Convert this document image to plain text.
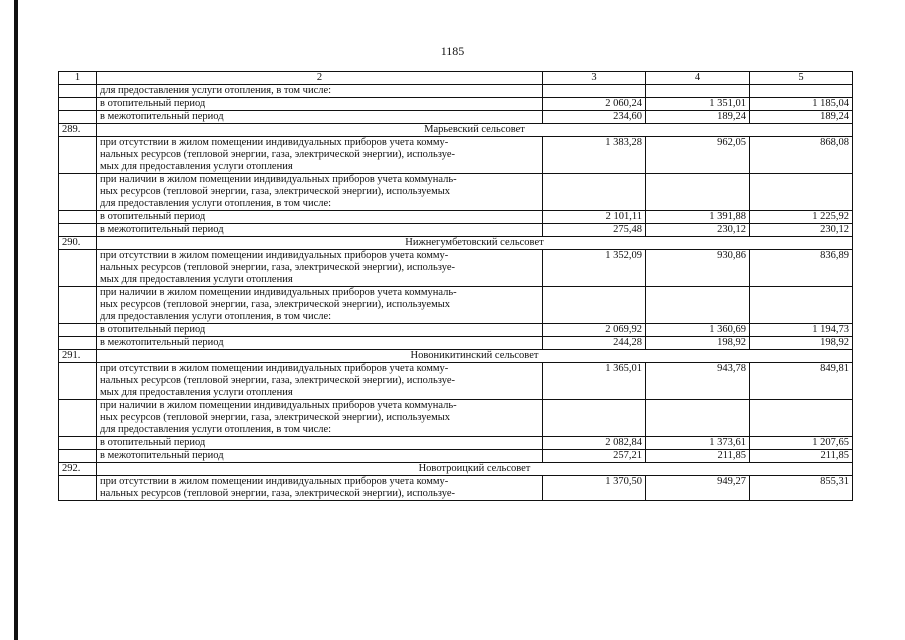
1185
1	2	3	4	5
	для предоставления услуги отопления, в том числе:			
	в отопительный период	2 060,24	1 351,01	1 185,04
	в межотопительный период	234,60	189,24	189,24
289.	Марьевский сельсовет			
	при отсутствии в жилом помещении индивидуальных приборов учета комму-
нальных ресурсов (тепловой энергии, газа, электрической энергии), используе-
мых для предоставления услуги отопления	1 383,28	962,05	868,08
	при наличии в жилом помещении индивидуальных приборов учета коммуналь-
ных ресурсов (тепловой энергии, газа, электрической энергии), используемых
для предоставления услуги отопления, в том числе:			
	в отопительный период	2 101,11	1 391,88	1 225,92
	в межотопительный период	275,48	230,12	230,12
290.	Нижнегумбетовский сельсовет			
	при отсутствии в жилом помещении индивидуальных приборов учета комму-
нальных ресурсов (тепловой энергии, газа, электрической энергии), используе-
мых для предоставления услуги отопления	1 352,09	930,86	836,89
	при наличии в жилом помещении индивидуальных приборов учета коммуналь-
ных ресурсов (тепловой энергии, газа, электрической энергии), используемых
для предоставления услуги отопления, в том числе:			
	в отопительный период	2 069,92	1 360,69	1 194,73
	в межотопительный период	244,28	198,92	198,92
291.	Новоникитинский сельсовет			
	при отсутствии в жилом помещении индивидуальных приборов учета комму-
нальных ресурсов (тепловой энергии, газа, электрической энергии), используе-
мых для предоставления услуги отопления	1 365,01	943,78	849,81
	при наличии в жилом помещении индивидуальных приборов учета коммуналь-
ных ресурсов (тепловой энергии, газа, электрической энергии), используемых
для предоставления услуги отопления, в том числе:			
	в отопительный период	2 082,84	1 373,61	1 207,65
	в межотопительный период	257,21	211,85	211,85
292.	Новотроицкий сельсовет			
	при отсутствии в жилом помещении индивидуальных приборов учета комму-
нальных ресурсов (тепловой энергии, газа, электрической энергии), используе-	1 370,50	949,27	855,31
